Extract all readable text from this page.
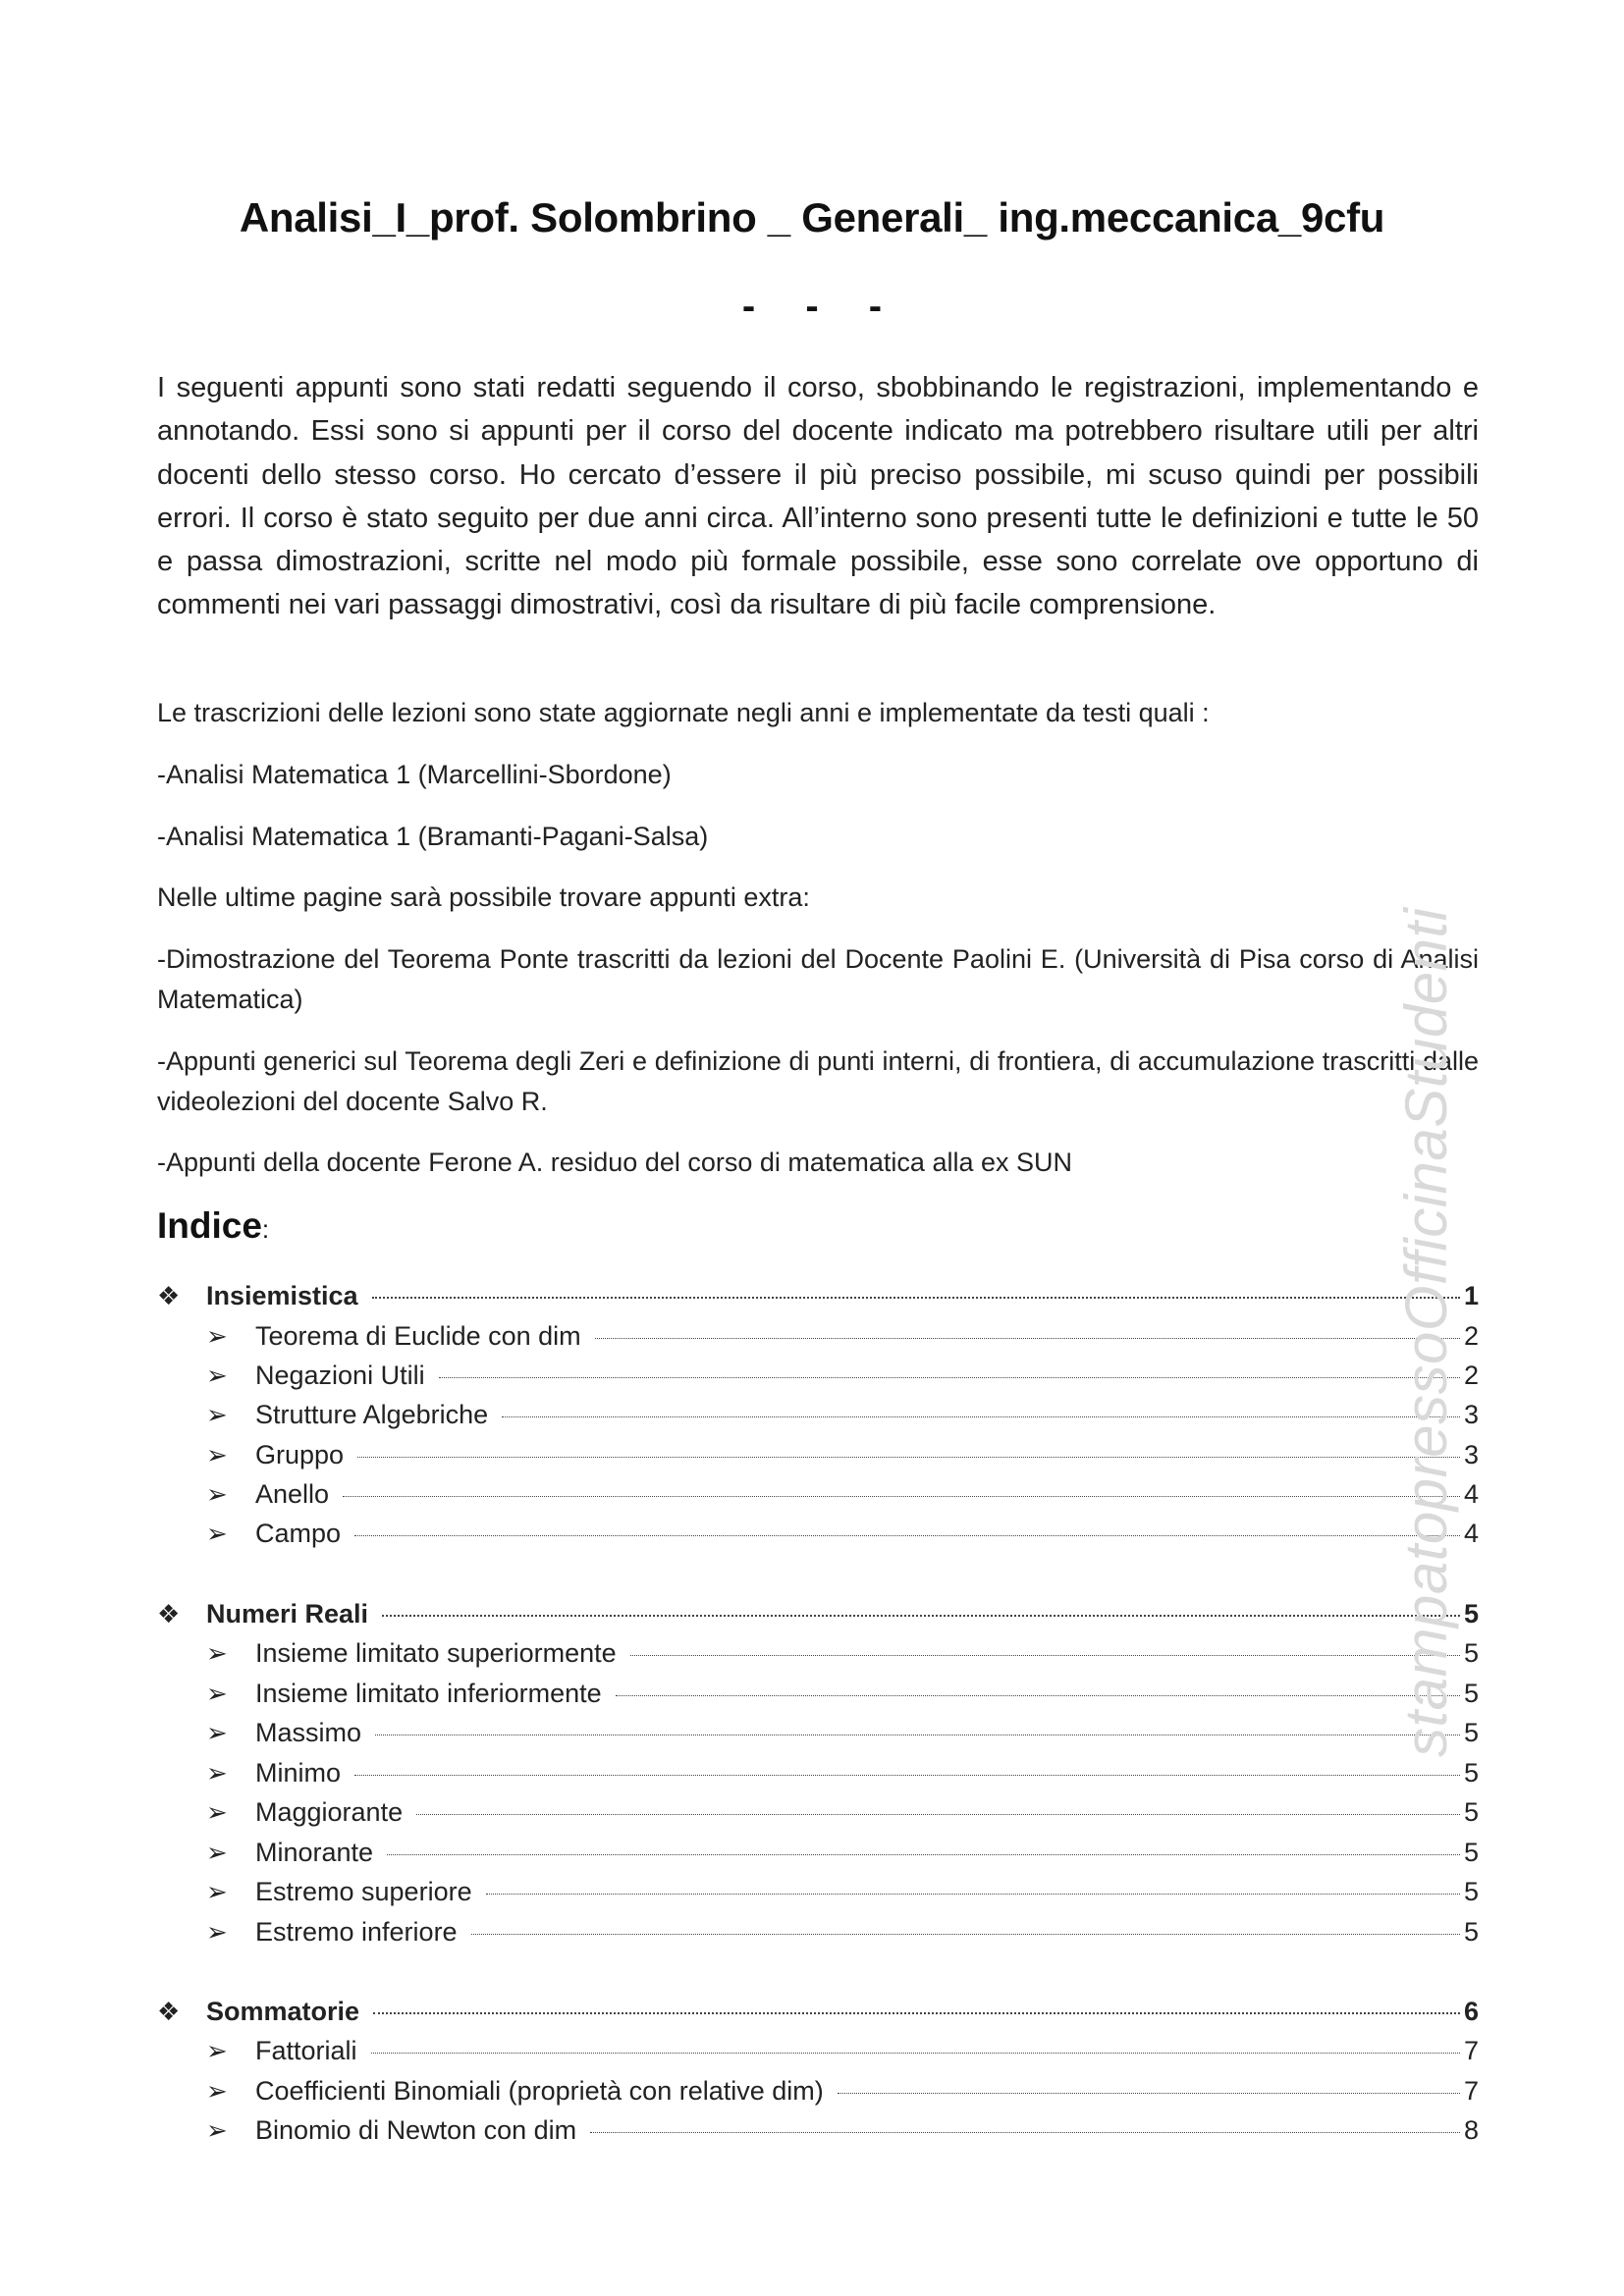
Analisi_I_prof. Solombrino _ Generali_ ing.meccanica_9cfu
- - -

I seguenti appunti sono stati redatti seguendo il corso, sbobbinando le registrazioni, implementando e annotando. Essi sono si appunti per il corso del docente indicato ma potrebbero risultare utili per altri docenti dello stesso corso. Ho cercato d’essere il più preciso possibile, mi scuso quindi per possibili errori. Il corso è stato seguito per due anni circa. All’interno sono presenti tutte le definizioni e tutte le 50 e passa dimostrazioni, scritte nel modo più formale possibile, esse sono correlate ove opportuno di commenti nei vari passaggi dimostrativi, così da risultare di più facile comprensione.

Le trascrizioni delle lezioni sono state aggiornate negli anni e implementate da testi quali :

-Analisi Matematica 1 (Marcellini-Sbordone)

-Analisi Matematica 1 (Bramanti-Pagani-Salsa)

Nelle ultime pagine sarà possibile trovare appunti extra:

-Dimostrazione del Teorema Ponte trascritti da lezioni del Docente Paolini E. (Università di Pisa corso di Analisi Matematica)

-Appunti generici sul Teorema degli Zeri e definizione di punti interni, di frontiera, di accumulazione trascritti dalle videolezioni del docente Salvo R.

-Appunti della docente Ferone A. residuo del corso di matematica alla ex SUN

Indice:
❖ Insiemistica	1
➢	Teorema di Euclide con dim	2
➢	Negazioni Utili	2
➢	Strutture Algebriche	3
➢	Gruppo	3
➢	Anello	4
➢	Campo	4
❖ Numeri Reali	5
➢	Insieme limitato superiormente	5
➢	Insieme limitato inferiormente	5
➢	Massimo	5
➢	Minimo	5
➢	Maggiorante	5
➢	Minorante	5
➢	Estremo superiore	5
➢	Estremo inferiore	5
❖ Sommatorie	6
➢	Fattoriali	7
➢	Coefficienti Binomiali (proprietà con relative dim)	7
➢	Binomio di Newton con dim	8
stampatopressoOfficinaStudenti
